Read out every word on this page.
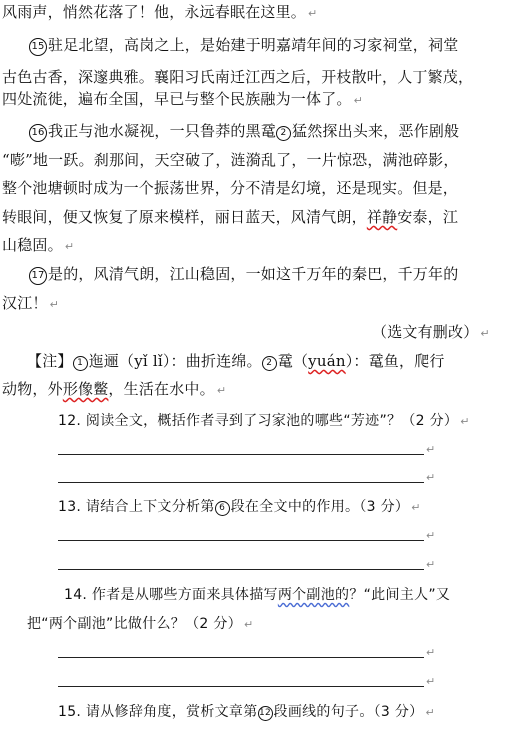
风雨声，悄然花落了！他，永远春眠在这里。 ↵
15 驻足北望，高岗之上，是始建于明嘉靖年间的习家祠堂，祠堂
古色古香，深邃典雅。襄阳习氏南迁江西之后，开枝散叶，人丁繁茂，
四处流徙，遍布全国，早已与整个民族融为一体了。 ↵
16 我正与池水凝视，一只鲁莽的黑鼋 2 猛然探出头来，恶作剧般
“嘭”地一跃。刹那间，天空破了，涟漪乱了，一片惊恐，满池碎影，
整个池塘顿时成为一个振荡世界，分不清是幻境，还是现实。但是，
转眼间，便又恢复了原来模样，丽日蓝天，风清气朗，祥静安泰，江
山稳固。 ↵
17 是的，风清气朗，江山稳固，一如这千万年的秦巴，千万年的
汉江！ ↵
（选文有删改） ↵
【注】 1 迤逦（yǐ lǐ）：曲折连绵。 2 鼋（yuán）：鼋鱼，爬行
动物，外形像鳖，生活在水中。 ↵
12. 阅读全文，概括作者寻到了习家池的哪些“芳迹”？（2 分） ↵
↵
↵
13. 请结合上下文分析第 6 段在全文中的作用。（3 分） ↵
↵
↵
14. 作者是从哪些方面来具体描写两个副池的？“此间主人”又
把“两个副池”比做什么？（2 分） ↵
↵
↵
15. 请从修辞角度，赏析文章第12 段画线的句子。（3 分） ↵
